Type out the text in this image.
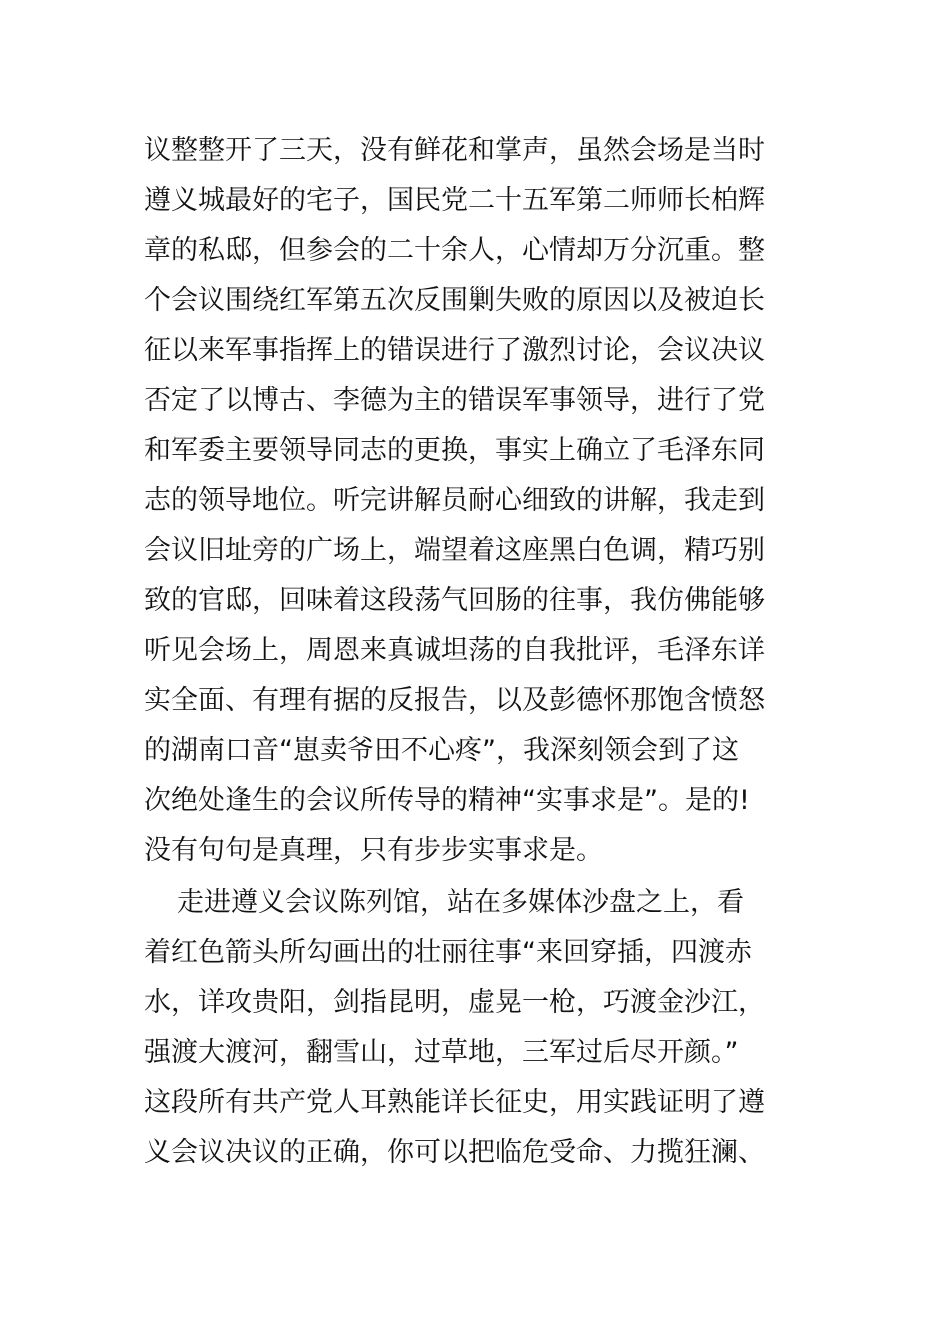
议整整开了三天，没有鲜花和掌声，虽然会场是当时
遵义城最好的宅子，国民党二十五军第二师师长柏辉
章的私邸，但参会的二十余人，心情却万分沉重。整
个会议围绕红军第五次反围剿失败的原因以及被迫长
征以来军事指挥上的错误进行了激烈讨论，会议决议
否定了以博古、李德为主的错误军事领导，进行了党
和军委主要领导同志的更换，事实上确立了毛泽东同
志的领导地位。听完讲解员耐心细致的讲解，我走到
会议旧址旁的广场上，端望着这座黑白色调，精巧别
致的官邸，回味着这段荡气回肠的往事，我仿佛能够
听见会场上，周恩来真诚坦荡的自我批评，毛泽东详
实全面、有理有据的反报告，以及彭德怀那饱含愤怒
的湖南口音“崽卖爷田不心疼”，我深刻领会到了这
次绝处逢生的会议所传导的精神“实事求是”。是的!
没有句句是真理，只有步步实事求是。
走进遵义会议陈列馆，站在多媒体沙盘之上，看
着红色箭头所勾画出的壮丽往事“来回穿插，四渡赤
水，详攻贵阳，剑指昆明，虚晃一枪，巧渡金沙江，
强渡大渡河，翻雪山，过草地，三军过后尽开颜。”
这段所有共产党人耳熟能详长征史，用实践证明了遵
义会议决议的正确，你可以把临危受命、力揽狂澜、
